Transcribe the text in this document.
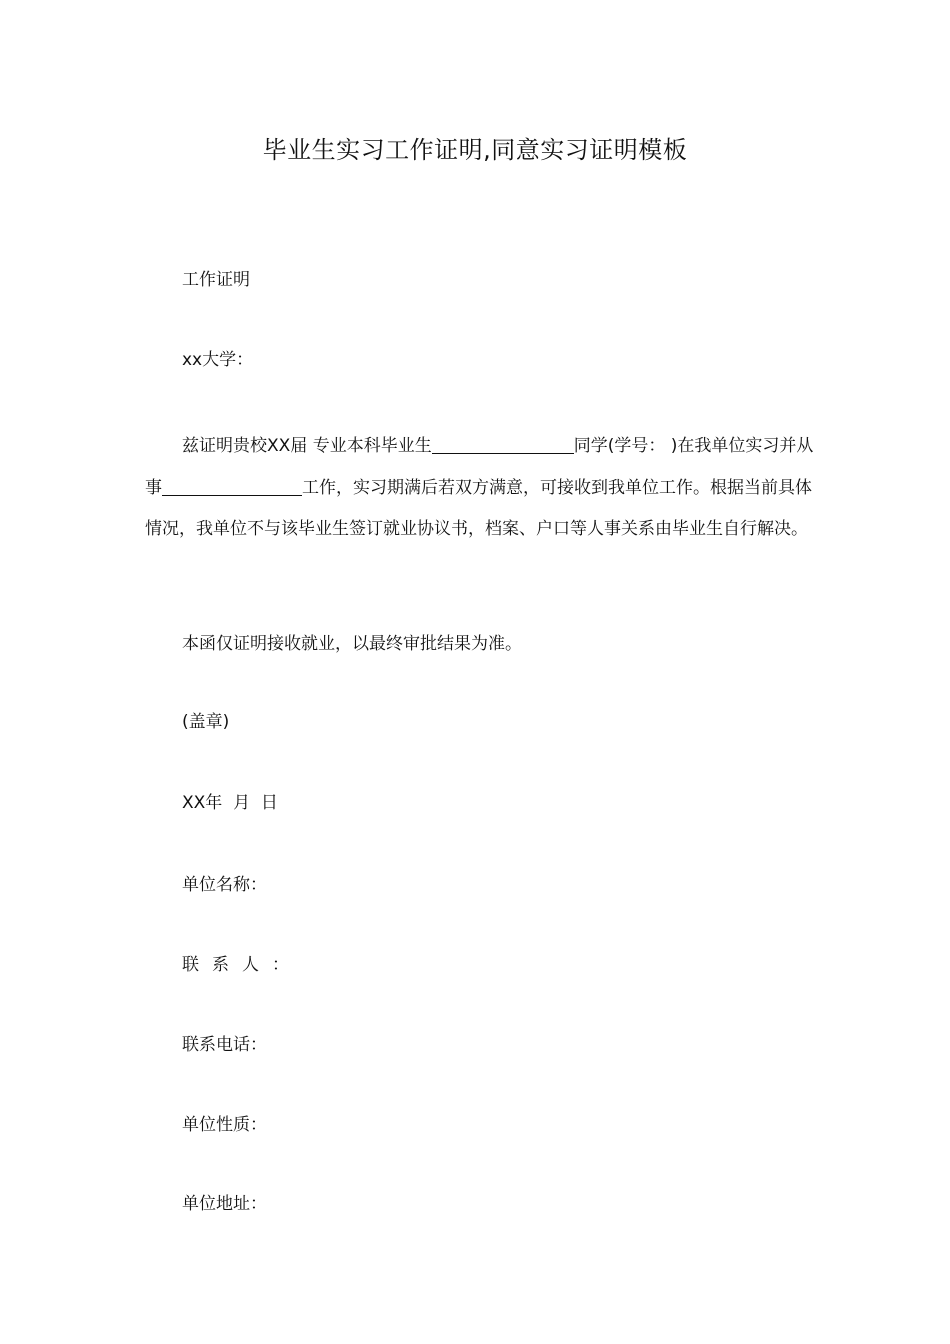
毕业生实习工作证明,同意实习证明模板
工作证明
xx大学：
兹证明贵校XX届 专业本科毕业生	同学(学号： )在我单位实习并从事	工作，实习期满后若双方满意，可接收到我单位工作。根据当前具体情况，我单位不与该毕业生签订就业协议书，档案、户口等人事关系由毕业生自行解决。
本函仅证明接收就业，以最终审批结果为准。
(盖章)
XX年  月  日
单位名称：
联系人：
联系电话：
单位性质：
单位地址：
